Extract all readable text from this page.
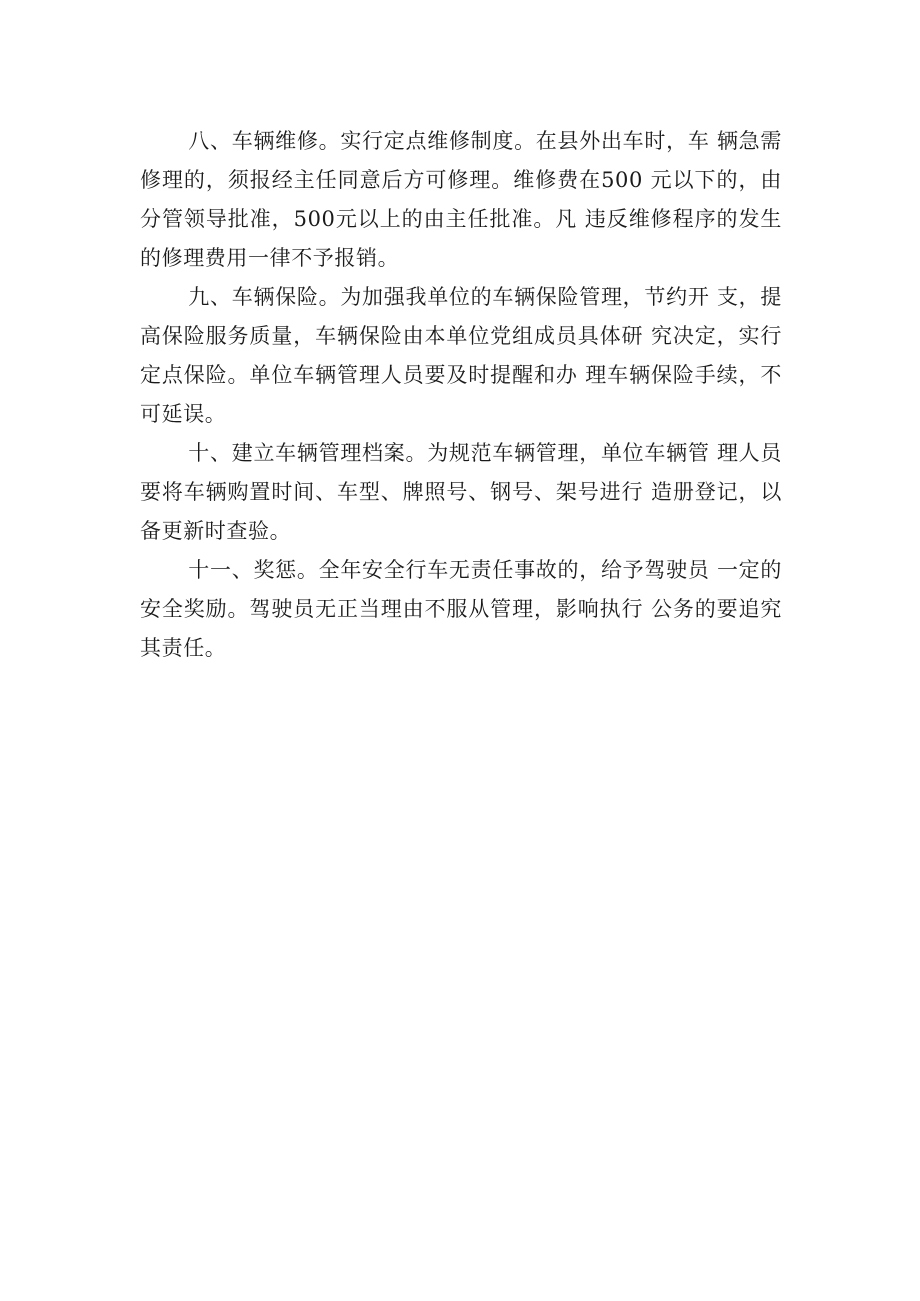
八、车辆维修。实行定点维修制度。在县外出车时，车 辆急需修理的，须报经主任同意后方可修理。维修费在500 元以下的，由分管领导批准，500元以上的由主任批准。凡 违反维修程序的发生的修理费用一律不予报销。

九、车辆保险。为加强我单位的车辆保险管理，节约开 支，提高保险服务质量，车辆保险由本单位党组成员具体研 究决定，实行定点保险。单位车辆管理人员要及时提醒和办 理车辆保险手续，不可延误。

十、建立车辆管理档案。为规范车辆管理，单位车辆管 理人员要将车辆购置时间、车型、牌照号、钢号、架号进行 造册登记，以备更新时查验。

十一、奖惩。全年安全行车无责任事故的，给予驾驶员 一定的安全奖励。驾驶员无正当理由不服从管理，影响执行 公务的要追究其责任。
